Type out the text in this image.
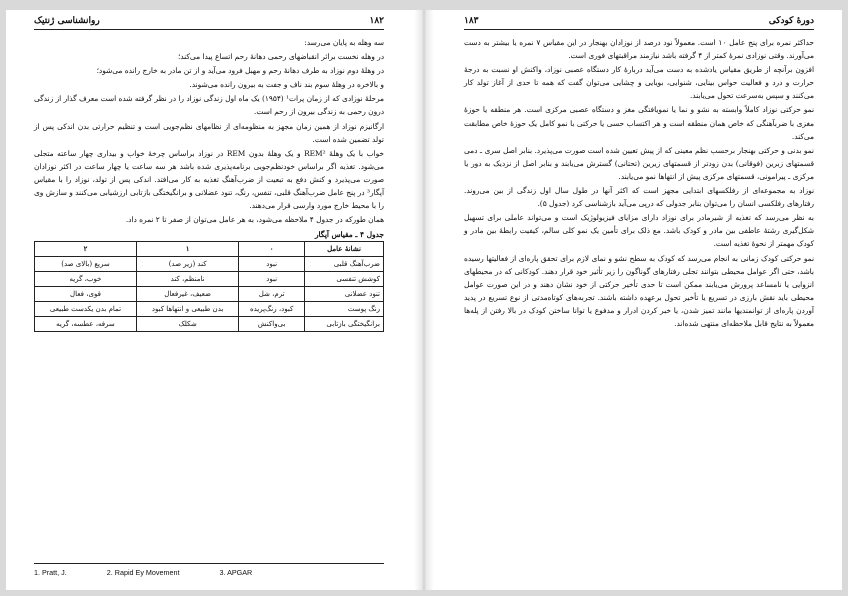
روانشناسی ژنتیک	۱۸۲

سه وهله به پایان می‌رسد:

در وهله نخست براثر انقباضهای رحمی دهانهٔ رحم اتساع پیدا می‌کند؛

در وهلهٔ دوم نوزاد به طرف دهانهٔ رحم و مهبل فرود می‌آید و از تن مادر به خارج رانده می‌شود؛

و بالاخره در وهلهٔ سوم بند ناف و جفت به بیرون رانده می‌شوند.

مرحلهٔ نوزادی که از زمان پرات¹ (۱۹۵۴) یک ماه اول زندگی نوزاد را در نظر گرفته شده است معرف گذار از زندگی درون رحمی به زندگی بیرون از رحم است.

ارگانیزم نوزاد از همین زمان مجهز به منظومه‌ای از نظامهای نظم‌جویی است و تنظیم حرارتی بدن اندکی پس از تولد تضمین شده است.

خواب با یک وهلهٔ REM² و یک وهلهٔ بدون REM در نوزاد براساس چرخهٔ خواب و بیداری چهار ساعته متجلی می‌شود. تغذیه اگر براساس خودنظم‌جویی برنامه‌پذیری شده باشد هر سه ساعت یا چهار ساعت در اکثر نوزادان صورت می‌پذیرد و کنش دفع به تبعیت از ضرب‌آهنگ تغذیه به کار می‌افتد. اندکی پس از تولد، نوزاد را با مقیاس آپگار³ در پنج عامل ضرب‌آهنگ قلبی، تنفس، رنگ، تنود عضلانی و برانگیختگی بازتابی ارزشیابی می‌کنند و سازش وی را با محیط خارج مورد وارسی قرار می‌دهند.

همان طورکه در جدول ۴ ملاحظه می‌شود، به هر عامل می‌توان از صفر تا ۲ نمره داد.

جدول ۴ ـ مقیاس آپگار
نشانهٔ عامل	۰	۱	۲
ضرب‌آهنگ قلبی	نبود	کند (زیر صد)	سریع (بالای صد)
کوشش تنفسی	نبود	نامنظم، کند	خوب، گریه
تنود عضلانی	ترم، شل	ضعیف، غیرفعال	قوی، فعال
رنگ پوست	کبود، رنگ‌پریده	بدن طبیعی و انتهاها کبود	تمام بدن یکدست طبیعی
برانگیختگی بازتابی	بی‌واکنش	شکلک	سرفه، عطسه، گریه
1. Pratt, J.	2. Rapid Ey Movement	3. APGAR
۱۸۳	دورهٔ کودکی

حداکثر نمره برای پنج عامل ۱۰ است. معمولاً نود درصد از نوزادان بهنجار در این مقیاس ۷ نمره یا بیشتر به دست می‌آورند. وقتی نوزادی نمرهٔ کمتر از ۴ گرفته باشد نیازمند مراقبتهای فوری است.

افزون برآنچه از طریق مقیاس یادشده به دست می‌آید دربارهٔ کار دستگاه عصبی نوزاد، واکنش او نسبت به درجهٔ حرارت و درد و فعالیت حواس بینایی، شنوایی، بویایی و چشایی می‌توان گفت که همه تا حدی از آغاز تولد کار می‌کنند و سپس به‌سرعت تحول می‌یابند.

نمو حرکتی نوزاد کاملاً وابسته به نشو و نما یا نمویافتگی مغز و دستگاه عصبی مرکزی است. هر منطقه یا حوزهٔ مغزی با ضربآهنگی که خاص همان منطقه است و هر اکتساب حسی یا حرکتی با نمو کامل یک حوزهٔ خاص مطابقت می‌کند.

نمو بدنی و حرکتی بهنجار برحسب نظم معینی که از پیش تعیین شده است صورت می‌پذیرد. بنابر اصل سری ـ دمی قسمتهای زبرین (فوقانی) بدن زودتر از قسمتهای زیرین (تحتانی) گسترش می‌یابند و بنابر اصل از نزدیک به دور یا مرکزی ـ پیرامونی، قسمتهای مرکزی پیش از انتهاها نمو می‌یابند.

نوزاد به مجموعه‌ای از رفلکسهای ابتدایی مجهز است که اکثر آنها در طول سال اول زندگی از بین می‌روند. رفتارهای رفلکسی انسان را می‌توان بنابر جدولی که درپی می‌آید بازشناسی کرد (جدول ۵).

به نظر می‌رسد که تغذیه از شیرمادر برای نوزاد دارای مزایای فیزیولوژیک است و می‌تواند عاملی برای تسهیل شکل‌گیری رشتهٔ عاطفی بین مادر و کودک باشد. مع ذلک برای تأمین یک نمو کلی سالم، کیفیت رابطهٔ بین مادر و کودک مهمتر از نحوهٔ تغذیه است.

نمو حرکتی کودک زمانی به انجام می‌رسد که کودک به سطح نشو و نمای لازم برای تحقق پاره‌ای از فعالیتها رسیده باشد، حتی اگر عوامل محیطی بتوانند تجلی رفتارهای گوناگون را زیر تأثیر خود قرار دهند. کودکانی که در محیطهای انزوایی یا نامساعد پرورش می‌یابند ممکن است تا حدی تأخیر حرکتی از خود نشان دهند و در این صورت عوامل محیطی باید نقش بارزی در تسریع یا تأخیر تحول برعهده داشته باشند. تجربه‌های کوتاه‌مدتی از نوع تسریع در پدید آوردن پاره‌ای از توانمندیها مانند تمیز شدن، یا خبر کردن ادرار و مدفوع یا توانا ساختن کودک در بالا رفتن از پله‌ها معمولاً به نتایج قابل ملاحظه‌ای منتهی شده‌اند.
